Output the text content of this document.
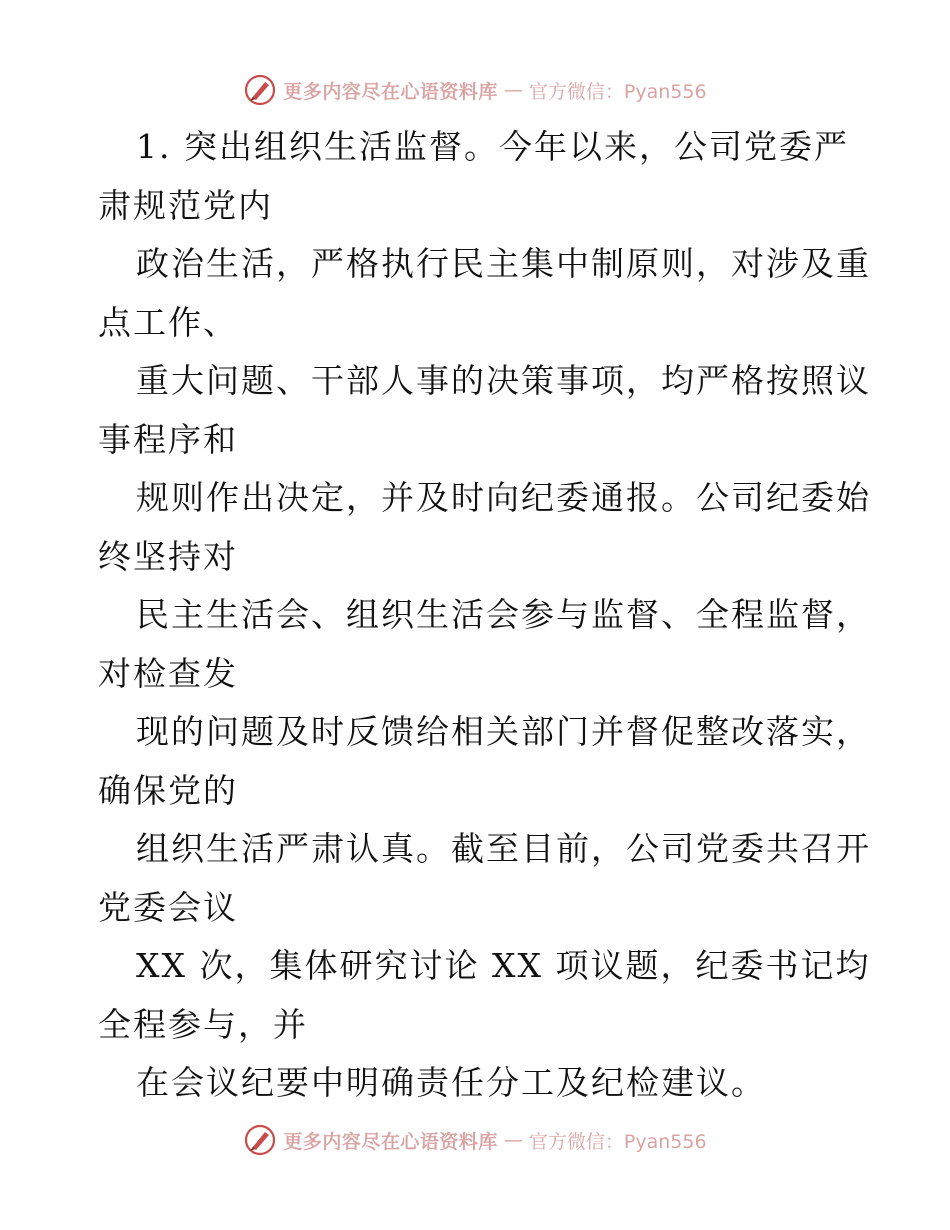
更多内容尽在心语资料库 — 官方微信：Pyan556
1. 突出组织生活监督。今年以来，公司党委严
肃规范党内
政治生活，严格执行民主集中制原则，对涉及重
点工作、
重大问题、干部人事的决策事项，均严格按照议
事程序和
规则作出决定，并及时向纪委通报。公司纪委始
终坚持对
民主生活会、组织生活会参与监督、全程监督，
对检查发
现的问题及时反馈给相关部门并督促整改落实，
确保党的
组织生活严肃认真。截至目前，公司党委共召开
党委会议
XX 次，集体研究讨论 XX 项议题，纪委书记均
全程参与，并
在会议纪要中明确责任分工及纪检建议。
更多内容尽在心语资料库 — 官方微信：Pyan556
